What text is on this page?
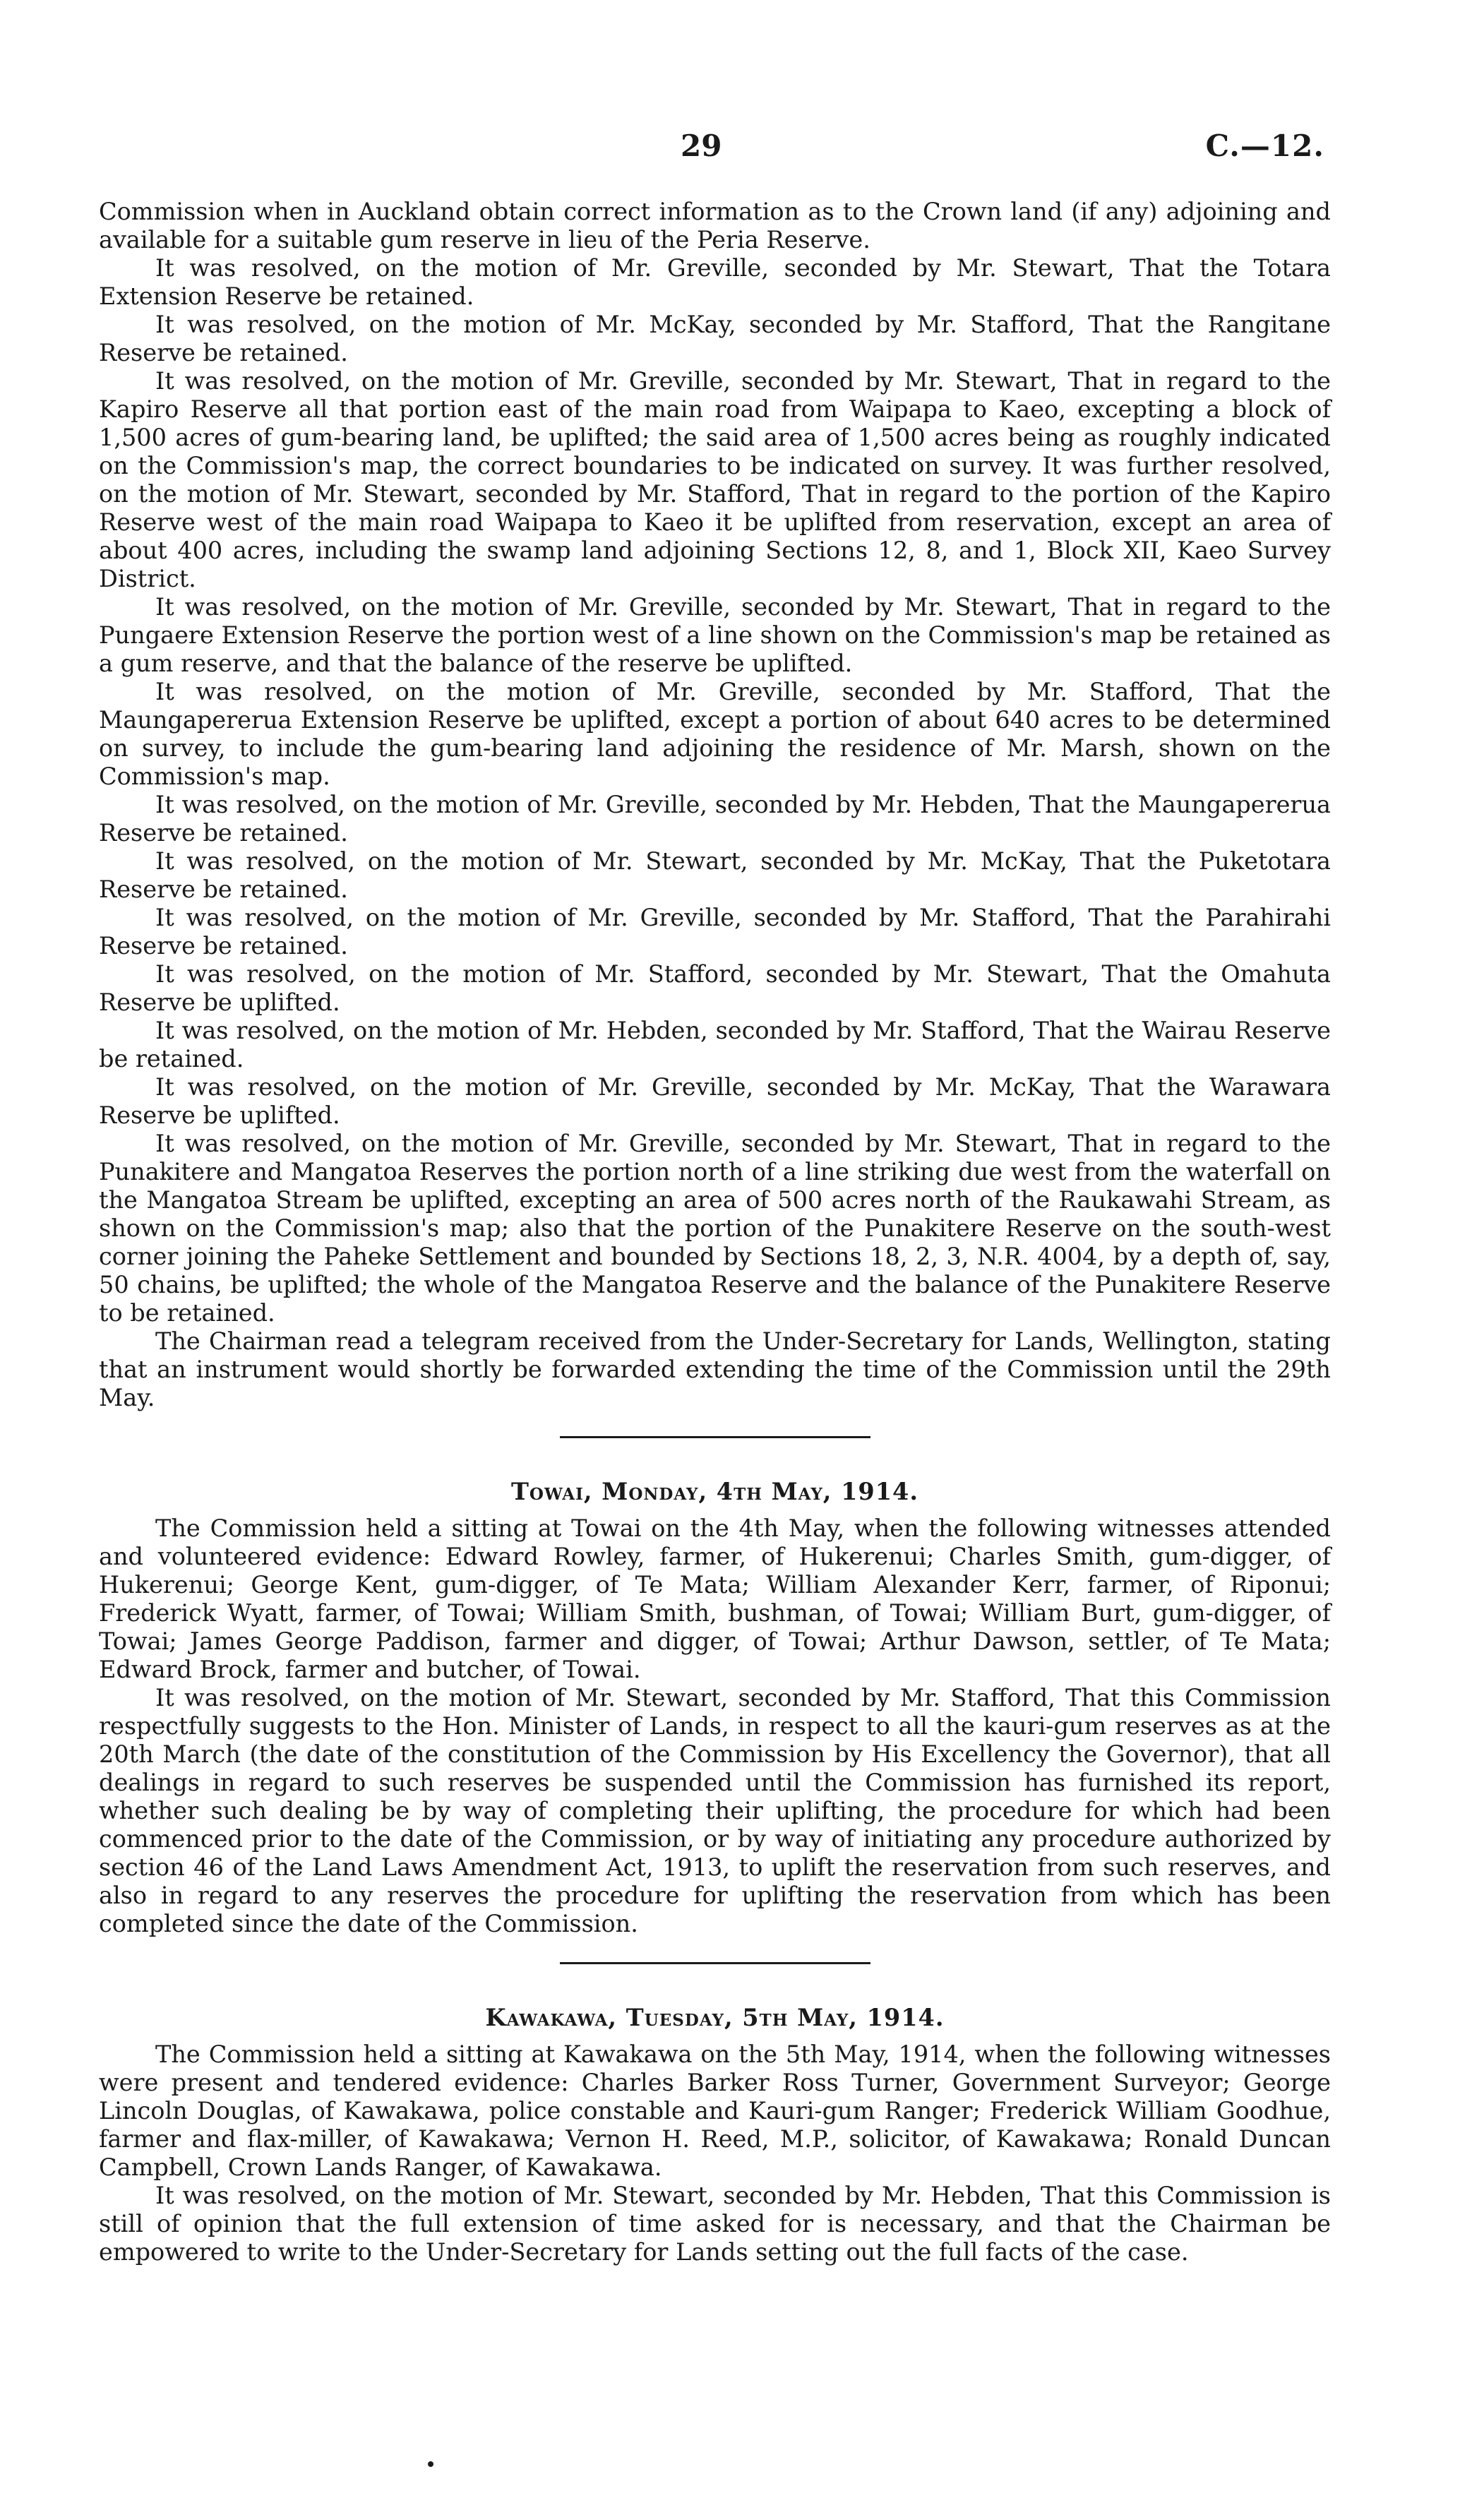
29	C.—12.

Commission when in Auckland obtain correct information as to the Crown land (if any) adjoining and available for a suitable gum reserve in lieu of the Peria Reserve.

It was resolved, on the motion of Mr. Greville, seconded by Mr. Stewart, That the Totara Extension Reserve be retained.

It was resolved, on the motion of Mr. McKay, seconded by Mr. Stafford, That the Rangitane Reserve be retained.

It was resolved, on the motion of Mr. Greville, seconded by Mr. Stewart, That in regard to the Kapiro Reserve all that portion east of the main road from Waipapa to Kaeo, excepting a block of 1,500 acres of gum-bearing land, be uplifted; the said area of 1,500 acres being as roughly indicated on the Commission's map, the correct boundaries to be indicated on survey. It was further resolved, on the motion of Mr. Stewart, seconded by Mr. Stafford, That in regard to the portion of the Kapiro Reserve west of the main road Waipapa to Kaeo it be uplifted from reservation, except an area of about 400 acres, including the swamp land adjoining Sections 12, 8, and 1, Block XII, Kaeo Survey District.

It was resolved, on the motion of Mr. Greville, seconded by Mr. Stewart, That in regard to the Pungaere Extension Reserve the portion west of a line shown on the Commission's map be retained as a gum reserve, and that the balance of the reserve be uplifted.

It was resolved, on the motion of Mr. Greville, seconded by Mr. Stafford, That the Maungapererua Extension Reserve be uplifted, except a portion of about 640 acres to be determined on survey, to include the gum-bearing land adjoining the residence of Mr. Marsh, shown on the Commission's map.

It was resolved, on the motion of Mr. Greville, seconded by Mr. Hebden, That the Maungapererua Reserve be retained.

It was resolved, on the motion of Mr. Stewart, seconded by Mr. McKay, That the Puketotara Reserve be retained.

It was resolved, on the motion of Mr. Greville, seconded by Mr. Stafford, That the Parahirahi Reserve be retained.

It was resolved, on the motion of Mr. Stafford, seconded by Mr. Stewart, That the Omahuta Reserve be uplifted.

It was resolved, on the motion of Mr. Hebden, seconded by Mr. Stafford, That the Wairau Reserve be retained.

It was resolved, on the motion of Mr. Greville, seconded by Mr. McKay, That the Warawara Reserve be uplifted.

It was resolved, on the motion of Mr. Greville, seconded by Mr. Stewart, That in regard to the Punakitere and Mangatoa Reserves the portion north of a line striking due west from the waterfall on the Mangatoa Stream be uplifted, excepting an area of 500 acres north of the Raukawahi Stream, as shown on the Commission's map; also that the portion of the Punakitere Reserve on the south-west corner joining the Paheke Settlement and bounded by Sections 18, 2, 3, N.R. 4004, by a depth of, say, 50 chains, be uplifted; the whole of the Mangatoa Reserve and the balance of the Punakitere Reserve to be retained.

The Chairman read a telegram received from the Under-Secretary for Lands, Wellington, stating that an instrument would shortly be forwarded extending the time of the Commission until the 29th May.

Towai, Monday, 4th May, 1914.

The Commission held a sitting at Towai on the 4th May, when the following witnesses attended and volunteered evidence: Edward Rowley, farmer, of Hukerenui; Charles Smith, gum-digger, of Hukerenui; George Kent, gum-digger, of Te Mata; William Alexander Kerr, farmer, of Riponui; Frederick Wyatt, farmer, of Towai; William Smith, bushman, of Towai; William Burt, gum-digger, of Towai; James George Paddison, farmer and digger, of Towai; Arthur Dawson, settler, of Te Mata; Edward Brock, farmer and butcher, of Towai.

It was resolved, on the motion of Mr. Stewart, seconded by Mr. Stafford, That this Commission respectfully suggests to the Hon. Minister of Lands, in respect to all the kauri-gum reserves as at the 20th March (the date of the constitution of the Commission by His Excellency the Governor), that all dealings in regard to such reserves be suspended until the Commission has furnished its report, whether such dealing be by way of completing their uplifting, the procedure for which had been commenced prior to the date of the Commission, or by way of initiating any procedure authorized by section 46 of the Land Laws Amendment Act, 1913, to uplift the reservation from such reserves, and also in regard to any reserves the procedure for uplifting the reservation from which has been completed since the date of the Commission.

Kawakawa, Tuesday, 5th May, 1914.

The Commission held a sitting at Kawakawa on the 5th May, 1914, when the following witnesses were present and tendered evidence: Charles Barker Ross Turner, Government Surveyor; George Lincoln Douglas, of Kawakawa, police constable and Kauri-gum Ranger; Frederick William Goodhue, farmer and flax-miller, of Kawakawa; Vernon H. Reed, M.P., solicitor, of Kawakawa; Ronald Duncan Campbell, Crown Lands Ranger, of Kawakawa.

It was resolved, on the motion of Mr. Stewart, seconded by Mr. Hebden, That this Commission is still of opinion that the full extension of time asked for is necessary, and that the Chairman be empowered to write to the Under-Secretary for Lands setting out the full facts of the case.
